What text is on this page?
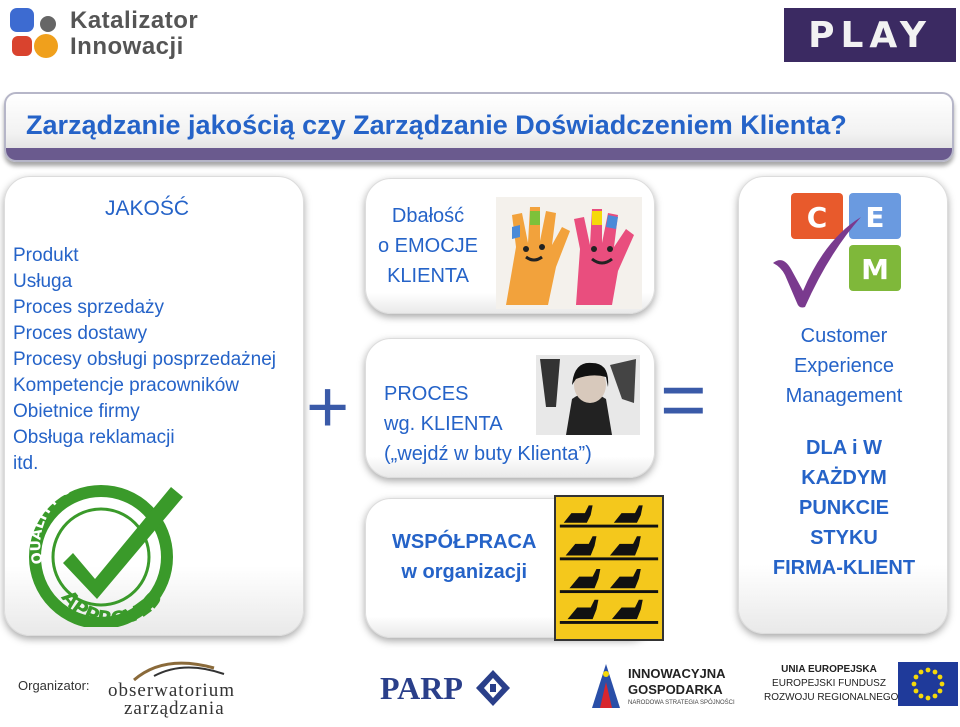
Katalizator
Innowacji	PLAY
Zarządzanie jakością czy Zarządzanie Doświadczeniem Klienta?
JAKOŚĆ
Produkt
Usługa
Proces sprzedaży
Proces dostawy
Procesy obsługi posprzedażnej
Kompetencje pracowników
Obietnice firmy
Obsługa reklamacji
itd.
QUALITY CONTROL
APPROVED
+	=
Dbałość
o EMOCJE
KLIENTA
PROCES
wg. KLIENTA
(„wejdź w buty Klienta”)
WSPÓŁPRACA
w organizacji
C E
M
Customer
Experience
Management
DLA i W
KAŻDYM
PUNKCIE
STYKU
FIRMA-KLIENT
Organizator: obserwatorium
zarządzania
PARP	INNOWACYJNA
GOSPODARKA
NARODOWA STRATEGIA SPÓJNOŚCI
UNIA EUROPEJSKA
EUROPEJSKI FUNDUSZ
ROZWOJU REGIONALNEGO
